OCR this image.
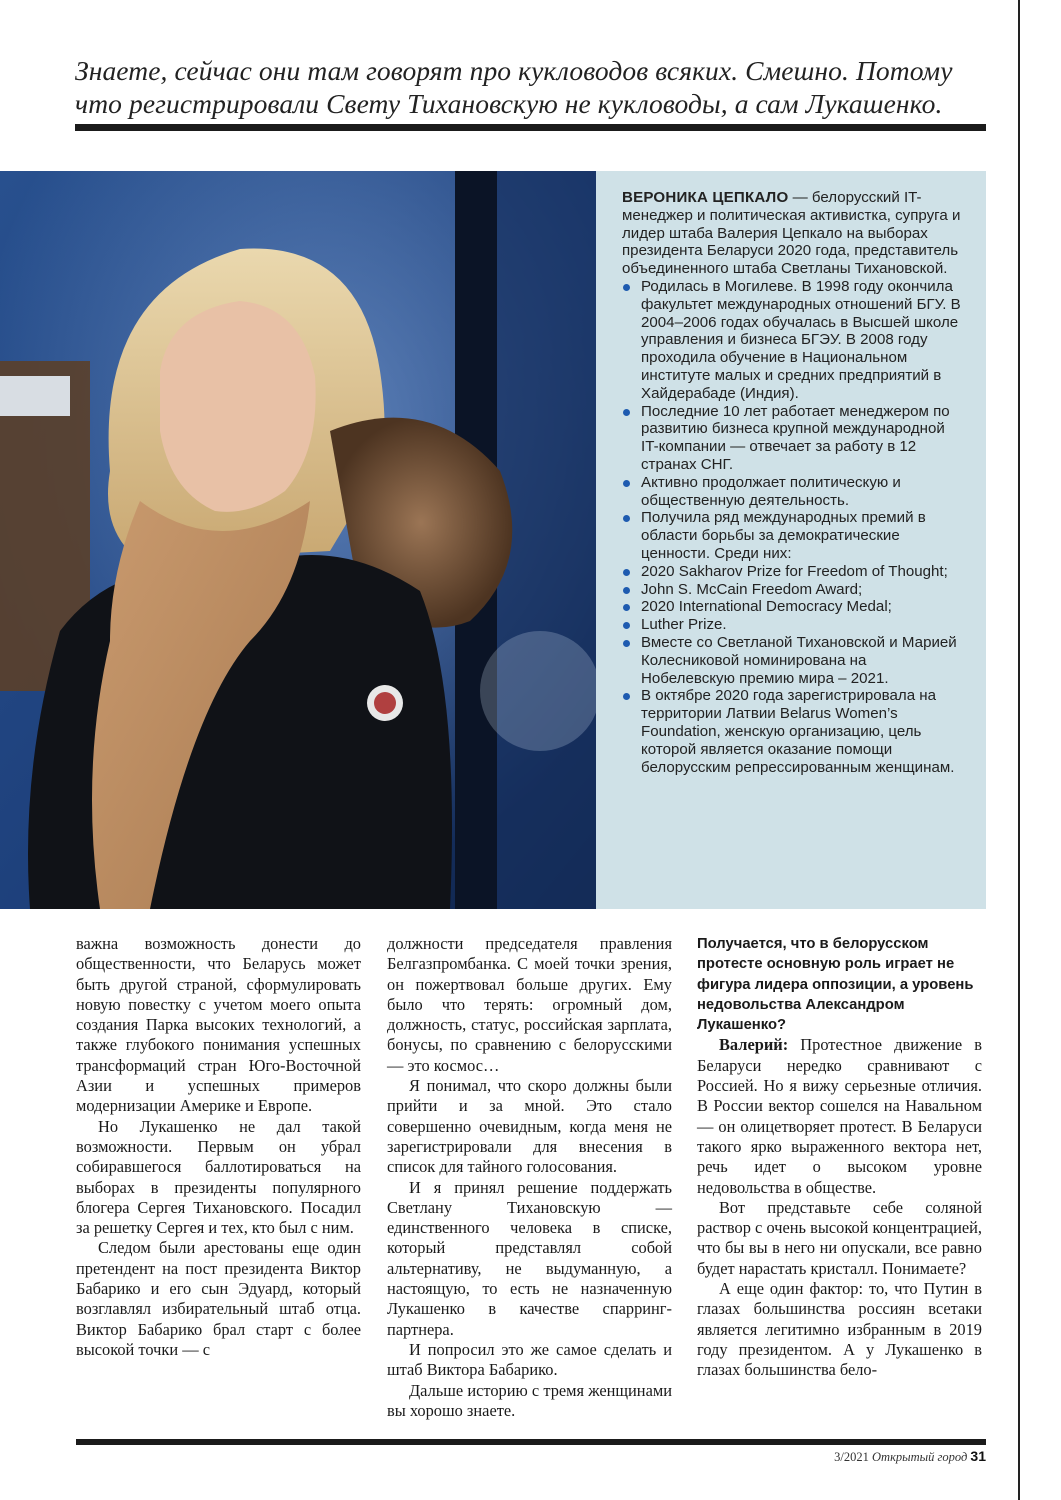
Знаете, сейчас они там говорят про кукловодов всяких. Смешно. Потому
что регистрировали Свету Тихановскую не кукловоды, а сам Лукашенко.
ВЕРОНИКА ЦЕПКАЛО — белорусский IT-менеджер и политическая активистка, супруга и лидер штаба Валерия Цепкало на выборах президента Беларуси 2020 года, представитель объединенного штаба Светланы Тихановской.
Родилась в Могилеве. В 1998 году окончила факультет международных отношений БГУ. В 2004–2006 годах обучалась в Высшей школе управления и бизнеса БГЭУ. В 2008 году проходила обучение в Национальном институте малых и средних предприятий в Хайдерабаде (Индия).
Последние 10 лет работает менеджером по развитию бизнеса крупной международной IT-компании — отвечает за работу в 12 странах СНГ.
Активно продолжает политическую и общественную деятельность.
Получила ряд международных премий в области борьбы за демократические ценности. Среди них:
2020 Sakharov Prize for Freedom of Thought;
John S. McCain Freedom Award;
2020 International Democracy Medal;
Luther Prize.
Вместе со Светланой Тихановской и Марией Колесниковой номинирована на Нобелевскую премию мира – 2021.
В октябре 2020 года зарегистрировала на территории Латвии Belarus Women’s Foundation, женскую организацию, цель которой является оказание помощи белорусским репрессированным женщинам.

важна возможность донести до общественности, что Беларусь может быть другой страной, сформулировать новую повестку с учетом моего опыта создания Парка высоких технологий, а также глубокого понимания успешных трансформаций стран Юго-Восточной Азии и успешных примеров модернизации Америке и Европе.

Но Лукашенко не дал такой возможности. Первым он убрал собиравшегося баллотироваться на выборах в президенты популярного блогера Сергея Тихановского. Посадил за решетку Сергея и тех, кто был с ним.

Следом были арестованы еще один претендент на пост президента Виктор Бабарико и его сын Эдуард, который возглавлял избирательный штаб отца. Виктор Бабарико брал старт с более высокой точки — с

должности председателя правления Белгазпромбанка. С моей точки зрения, он пожертвовал больше других. Ему было что терять: огромный дом, должность, статус, российская зарплата, бонусы, по сравнению с белорусскими — это космос…

Я понимал, что скоро должны были прийти и за мной. Это стало совершенно очевидным, когда меня не зарегистрировали для внесения в список для тайного голосования.

И я принял решение поддержать Светлану Тихановскую — единственного человека в списке, который представлял собой альтернативу, не выдуманную, а настоящую, то есть не назначенную Лукашенко в качестве спарринг-партнера.

И попросил это же самое сделать и штаб Виктора Бабарико.

Дальше историю с тремя женщинами вы хорошо знаете.

Получается, что в белорусском протесте основную роль играет не фигура лидера оппозиции, а уровень недовольства Александром Лукашенко?

Валерий: Протестное движение в Беларуси нередко сравнивают с Россией. Но я вижу серьезные отличия. В России вектор сошелся на Навальном — он олицетворяет протест. В Беларуси такого ярко выраженного вектора нет, речь идет о высоком уровне недовольства в обществе.

Вот представьте себе соляной раствор с очень высокой концентрацией, что бы вы в него ни опускали, все равно будет нарастать кристалл. Понимаете?

А еще один фактор: то, что Путин в глазах большинства россиян всетаки является легитимно избранным в 2019 году президентом. А у Лукашенко в глазах большинства бело-

3/2021 Открытый город 31
